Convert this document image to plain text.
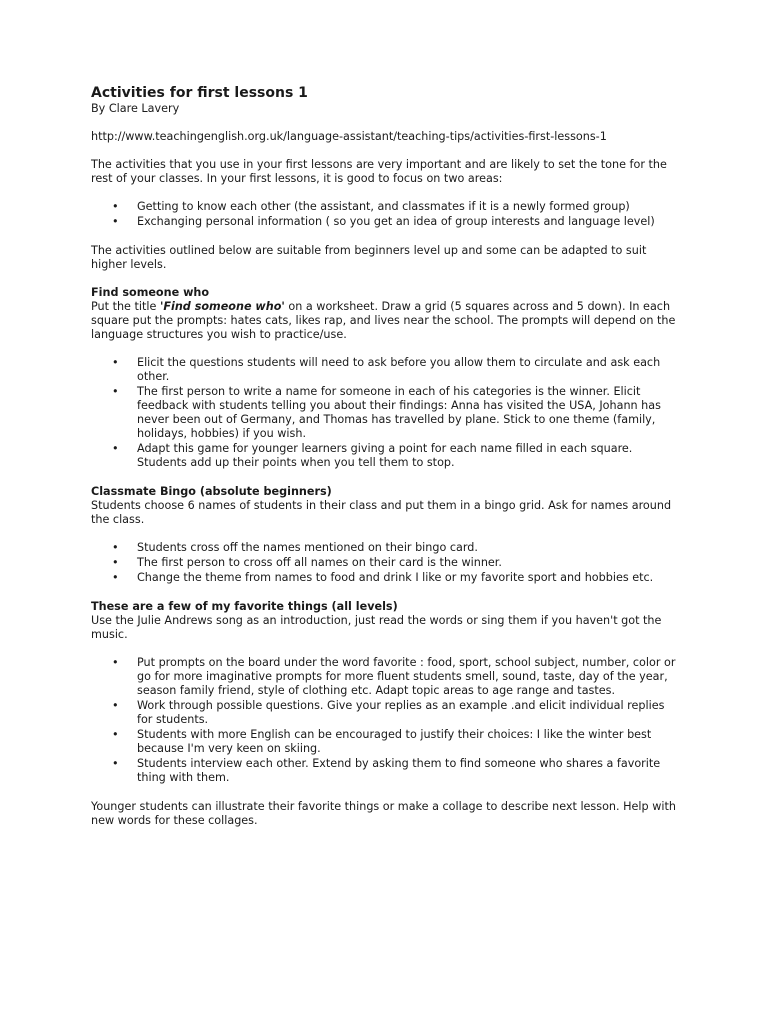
Activities for first lessons 1

By Clare Lavery

http://www.teachingenglish.org.uk/language-assistant/teaching-tips/activities-first-lessons-1

The activities that you use in your first lessons are very important and are likely to set the tone for the rest of your classes. In your first lessons, it is good to focus on two areas:

• Getting to know each other (the assistant, and classmates if it is a newly formed group)
• Exchanging personal information ( so you get an idea of group interests and language level)

The activities outlined below are suitable from beginners level up and some can be adapted to suit higher levels.

Find someone who

Put the title 'Find someone who' on a worksheet. Draw a grid (5 squares across and 5 down). In each square put the prompts: hates cats, likes rap, and lives near the school. The prompts will depend on the language structures you wish to practice/use.

• Elicit the questions students will need to ask before you allow them to circulate and ask each other.
• The first person to write a name for someone in each of his categories is the winner. Elicit feedback with students telling you about their findings: Anna has visited the USA, Johann has never been out of Germany, and Thomas has travelled by plane. Stick to one theme (family, holidays, hobbies) if you wish.
• Adapt this game for younger learners giving a point for each name filled in each square. Students add up their points when you tell them to stop.

Classmate Bingo (absolute beginners)

Students choose 6 names of students in their class and put them in a bingo grid. Ask for names around the class.

• Students cross off the names mentioned on their bingo card.
• The first person to cross off all names on their card is the winner.
• Change the theme from names to food and drink I like or my favorite sport and hobbies etc.

These are a few of my favorite things (all levels)

Use the Julie Andrews song as an introduction, just read the words or sing them if you haven't got the music.

• Put prompts on the board under the word favorite : food, sport, school subject, number, color or go for more imaginative prompts for more fluent students smell, sound, taste, day of the year, season family friend, style of clothing etc. Adapt topic areas to age range and tastes.
• Work through possible questions. Give your replies as an example .and elicit individual replies for students.
• Students with more English can be encouraged to justify their choices: I like the winter best because I'm very keen on skiing.
• Students interview each other. Extend by asking them to find someone who shares a favorite thing with them.

Younger students can illustrate their favorite things or make a collage to describe next lesson. Help with new words for these collages.
